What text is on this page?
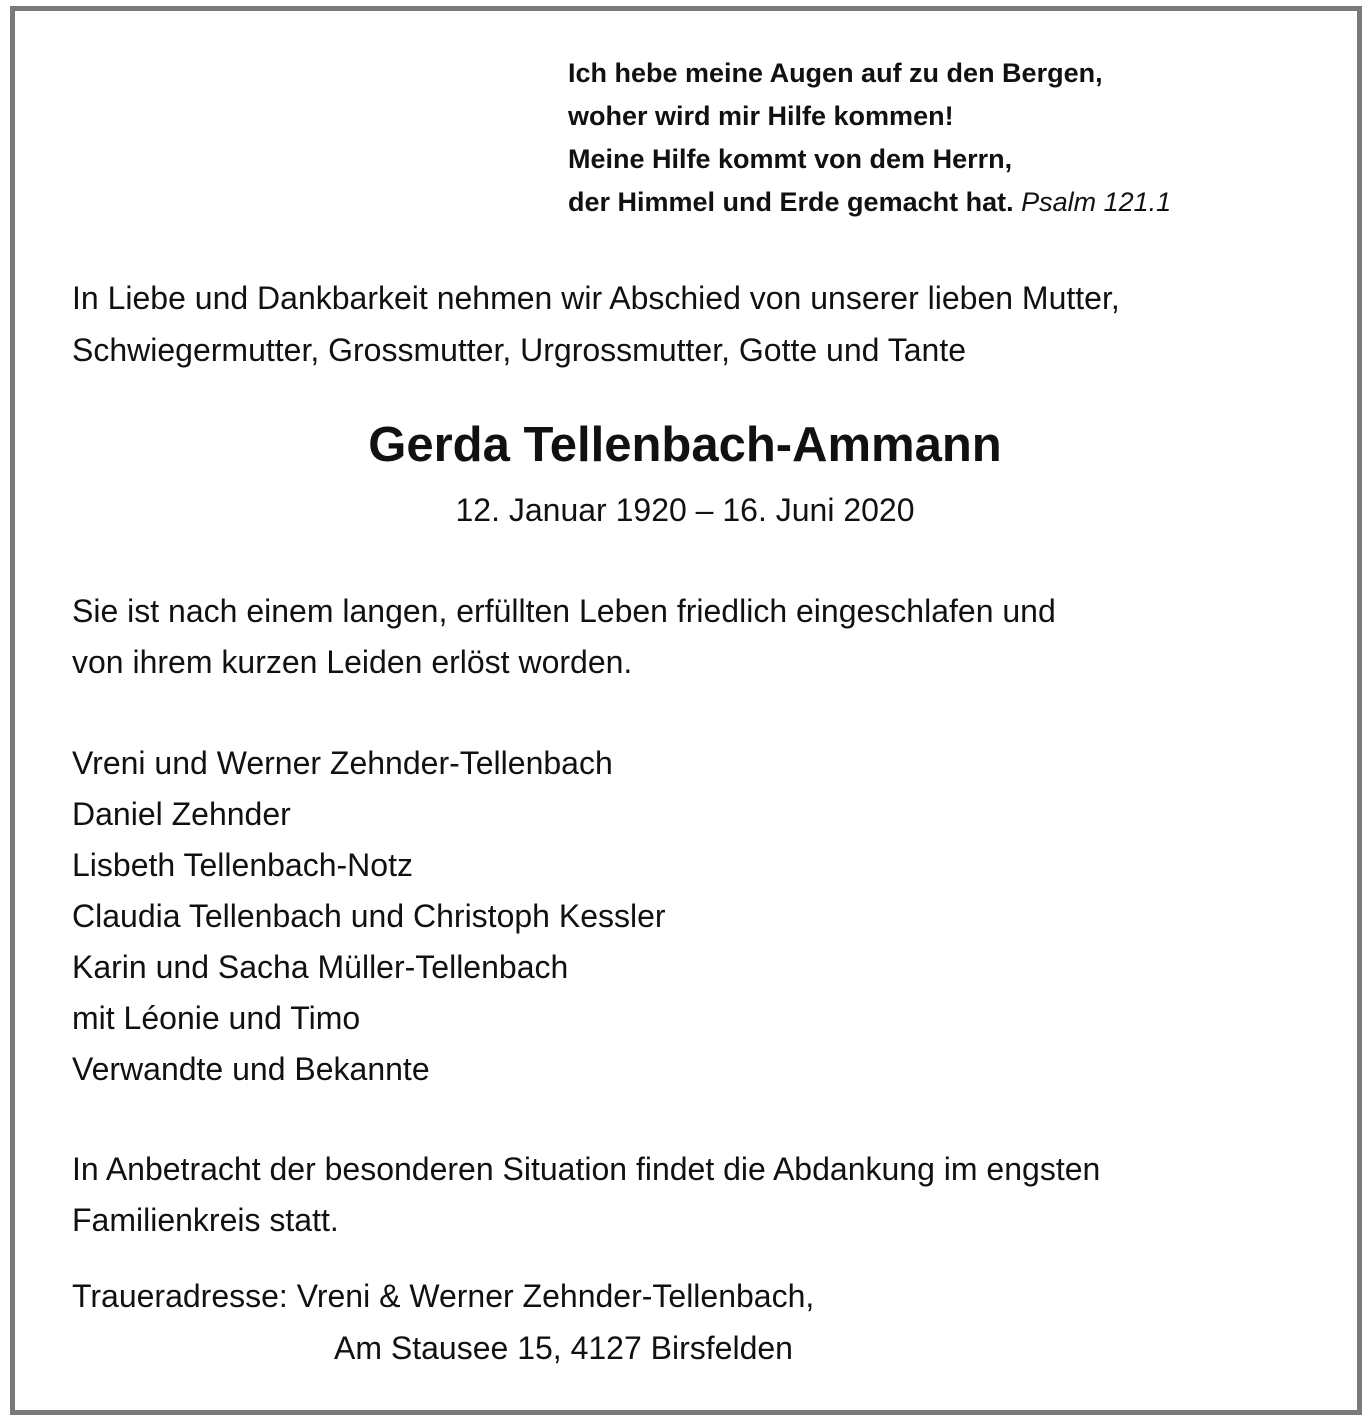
Ich hebe meine Augen auf zu den Bergen,
woher wird mir Hilfe kommen!
Meine Hilfe kommt von dem Herrn,
der Himmel und Erde gemacht hat. Psalm 121.1
In Liebe und Dankbarkeit nehmen wir Abschied von unserer lieben Mutter,
Schwiegermutter, Grossmutter, Urgrossmutter, Gotte und Tante
Gerda Tellenbach-Ammann
12. Januar 1920 – 16. Juni 2020
Sie ist nach einem langen, erfüllten Leben friedlich eingeschlafen und
von ihrem kurzen Leiden erlöst worden.
Vreni und Werner Zehnder-Tellenbach
Daniel Zehnder
Lisbeth Tellenbach-Notz
Claudia Tellenbach und Christoph Kessler
Karin und Sacha Müller-Tellenbach
mit Léonie und Timo
Verwandte und Bekannte
In Anbetracht der besonderen Situation findet die Abdankung im engsten
Familienkreis statt.
Traueradresse: Vreni & Werner Zehnder-Tellenbach,
Am Stausee 15, 4127 Birsfelden
